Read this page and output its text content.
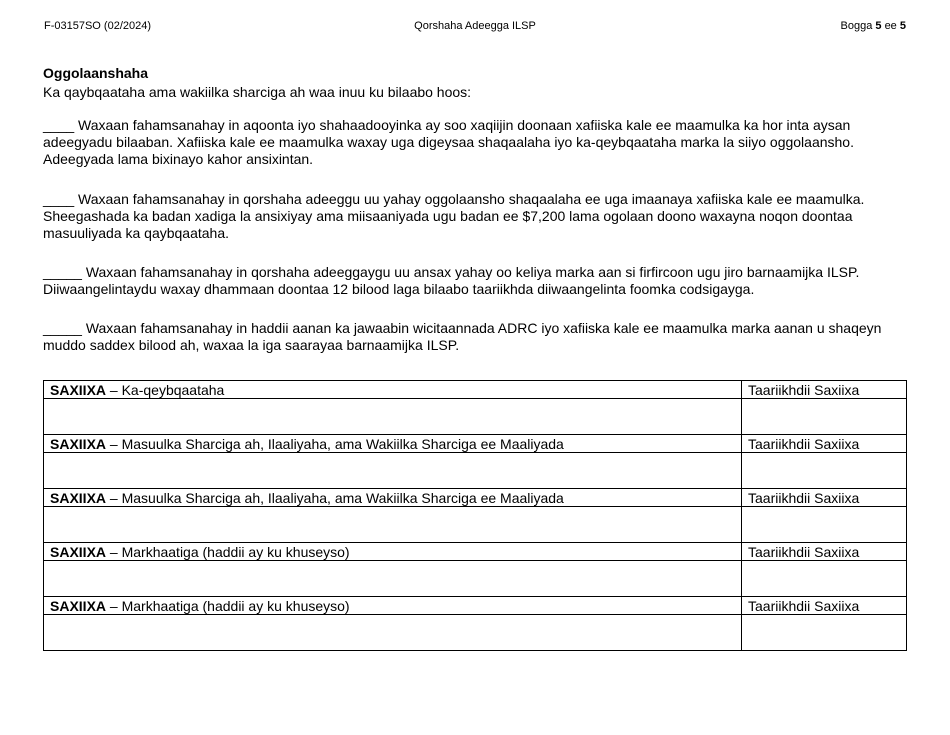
F-03157SO (02/2024)	Qorshaha Adeegga ILSP	Bogga 5 ee 5

Oggolaanshaha

Ka qaybqaataha ama wakiilka sharciga ah waa inuu ku bilaabo hoos:

____ Waxaan fahamsanahay in aqoonta iyo shahaadooyinka ay soo xaqiijin doonaan xafiiska kale ee maamulka ka hor inta aysan adeegyadu bilaaban. Xafiiska kale ee maamulka waxay uga digeysaa shaqaalaha iyo ka-qeybqaataha marka la siiyo oggolaansho. Adeegyada lama bixinayo kahor ansixintan.

____ Waxaan fahamsanahay in qorshaha adeeggu uu yahay oggolaansho shaqaalaha ee uga imaanaya xafiiska kale ee maamulka. Sheegashada ka badan xadiga la ansixiyay ama miisaaniyada ugu badan ee $7,200 lama ogolaan doono waxayna noqon doontaa masuuliyada ka qaybqaataha.

_____ Waxaan fahamsanahay in qorshaha adeeggaygu uu ansax yahay oo keliya marka aan si firfircoon ugu jiro barnaamijka ILSP. Diiwaangelintaydu waxay dhammaan doontaa 12 bilood laga bilaabo taariikhda diiwaangelinta foomka codsigayga.

_____ Waxaan fahamsanahay in haddii aanan ka jawaabin wicitaannada ADRC iyo xafiiska kale ee maamulka marka aanan u shaqeyn muddo saddex bilood ah, waxaa la iga saarayaa barnaamijka ILSP.

SAXIIXA – Ka-qeybqaataha	Taariikhdii Saxiixa

SAXIIXA – Masuulka Sharciga ah, Ilaaliyaha, ama Wakiilka Sharciga ee Maaliyada	Taariikhdii Saxiixa

SAXIIXA – Masuulka Sharciga ah, Ilaaliyaha, ama Wakiilka Sharciga ee Maaliyada	Taariikhdii Saxiixa

SAXIIXA – Markhaatiga (haddii ay ku khuseyso)	Taariikhdii Saxiixa

SAXIIXA – Markhaatiga (haddii ay ku khuseyso)	Taariikhdii Saxiixa
